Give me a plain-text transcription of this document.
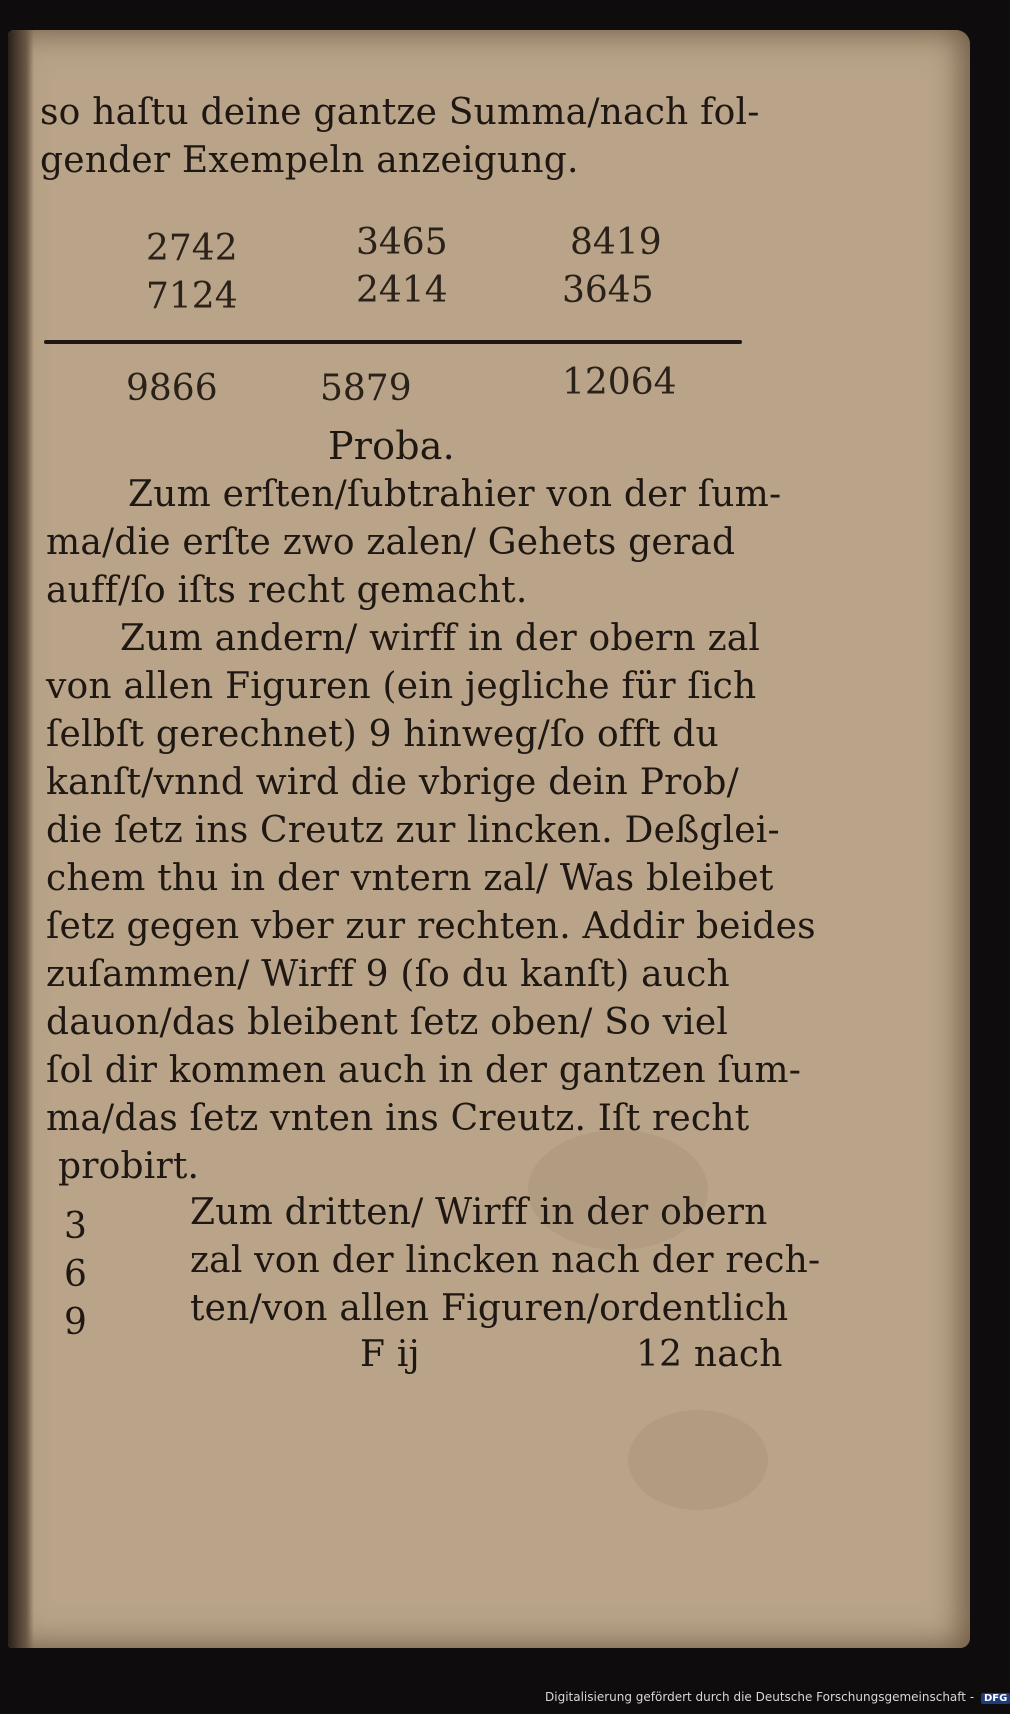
so haſtu deine gantze Summa/nach fol-
gender Exempeln anzeigung.
2742	3465	8419
7124	2414	3645
9866	5879	12064
Proba.
Zum erſten/ſubtrahier von der ſum-
ma/die erſte zwo zalen/ Gehets gerad
auff/ſo iſts recht gemacht.
Zum andern/ wirff in der obern zal
von allen Figuren (ein jegliche für ſich
ſelbſt gerechnet) 9 hinweg/ſo offt du
kanſt/vnnd wird die vbrige dein Prob/
die ſetz ins Creutz zur lincken. Deßglei-
chem thu in der vntern zal/ Was bleibet
ſetz gegen vber zur rechten. Addir beides
zuſammen/ Wirff 9 (ſo du kanſt) auch
dauon/das bleibent ſetz oben/ So viel
ſol dir kommen auch in der gantzen ſum-
ma/das ſetz vnten ins Creutz. Iſt recht
probirt.
3
6
9
Zum dritten/ Wirff in der obern
zal von der lincken nach der rech-
ten/von allen Figuren/ordentlich
F ij	12 nach
Digitalisierung gefördert durch die Deutsche Forschungsgemeinschaft - DFG
